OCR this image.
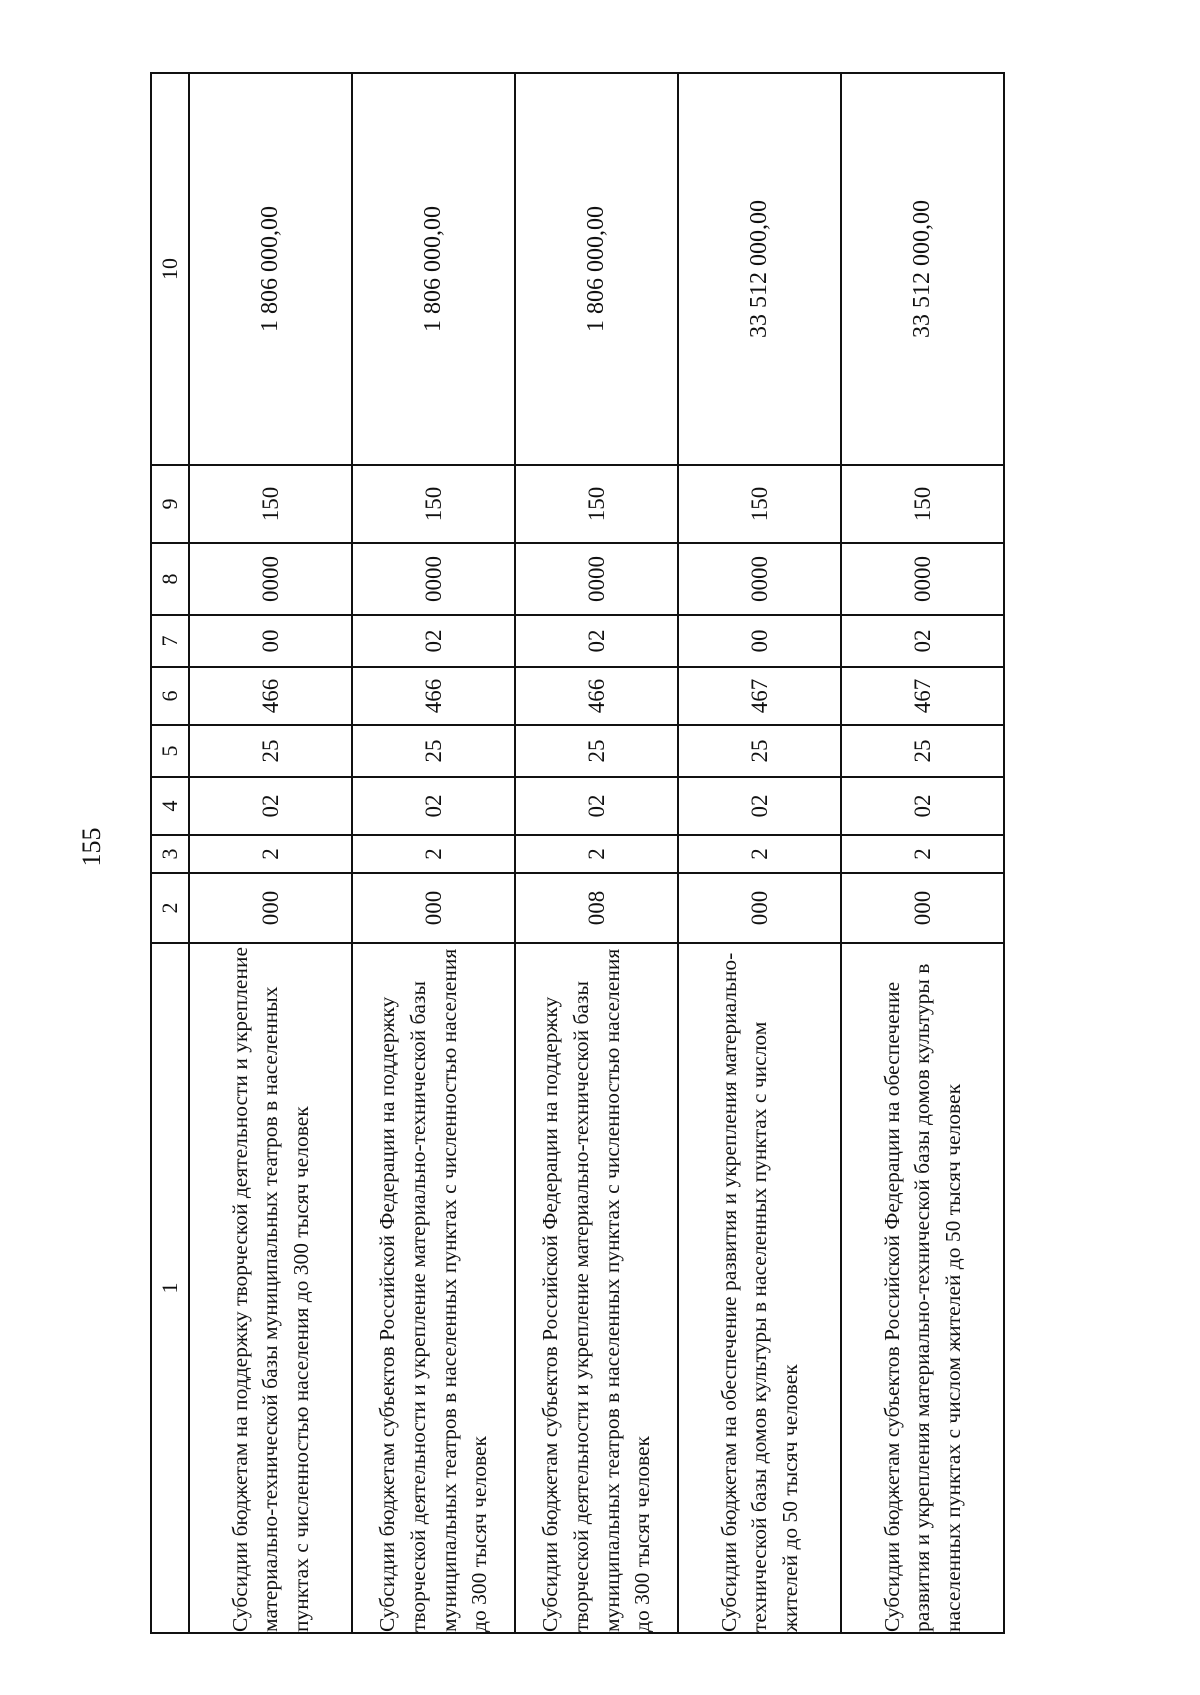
155
1	2	3	4	5	6	7	8	9	10
Субсидии бюджетам на поддержку творческой деятельности и укрепление материально-технической базы муниципальных театров в населенных пунктах с численностью населения до 300 тысяч человек	000	2	02	25	466	00	0000	150	1 806 000,00
Субсидии бюджетам субъектов Российской Федерации на поддержку творческой деятельности и укрепление материально-технической базы муниципальных театров в населенных пунктах с численностью населения до 300 тысяч человек	000	2	02	25	466	02	0000	150	1 806 000,00
Субсидии бюджетам субъектов Российской Федерации на поддержку творческой деятельности и укрепление материально-технической базы муниципальных театров в населенных пунктах с численностью населения до 300 тысяч человек	008	2	02	25	466	02	0000	150	1 806 000,00
Субсидии бюджетам на обеспечение развития и укрепления материально-технической базы домов культуры в населенных пунктах с числом жителей до 50 тысяч человек	000	2	02	25	467	00	0000	150	33 512 000,00
Субсидии бюджетам субъектов Российской Федерации на обеспечение развития и укрепления материально-технической базы домов культуры в населенных пунктах с числом жителей до 50 тысяч человек	000	2	02	25	467	02	0000	150	33 512 000,00
